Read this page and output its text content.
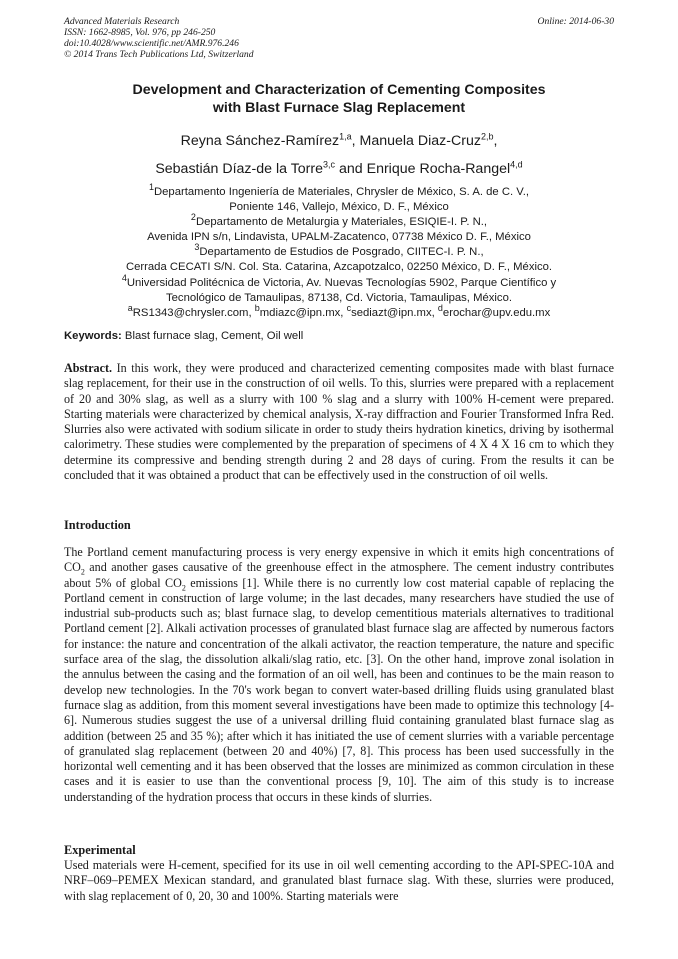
Advanced Materials Research
ISSN: 1662-8985, Vol. 976, pp 246-250
doi:10.4028/www.scientific.net/AMR.976.246
© 2014 Trans Tech Publications Ltd, Switzerland
Online: 2014-06-30
Development and Characterization of Cementing Composites
with Blast Furnace Slag Replacement
Reyna Sánchez-Ramírez$^{1,a}$, Manuela Diaz-Cruz$^{2,b}$,
Sebastián Díaz-de la Torre$^{3,c}$ and Enrique Rocha-Rangel$^{4,d}$
$^1$Departamento Ingeniería de Materiales, Chrysler de México, S. A. de C. V.,
Poniente 146, Vallejo, México, D. F., México
$^2$Departamento de Metalurgia y Materiales, ESIQIE-I. P. N.,
Avenida IPN s/n, Lindavista, UPALM-Zacatenco, 07738 México D. F., México
$^3$Departamento de Estudios de Posgrado, CIITEC-I. P. N.,
Cerrada CECATI S/N. Col. Sta. Catarina, Azcapotzalco, 02250 México, D. F., México.
$^4$Universidad Politécnica de Victoria, Av. Nuevas Tecnologías 5902, Parque Científico y
Tecnológico de Tamaulipas, 87138, Cd. Victoria, Tamaulipas, México.
$^a$RS1343@chrysler.com, $^b$mdiazc@ipn.mx, $^c$sediazt@ipn.mx, $^d$erochar@upv.edu.mx
Keywords: Blast furnace slag, Cement, Oil well
Abstract. In this work, they were produced and characterized cementing composites made with blast furnace slag replacement, for their use in the construction of oil wells. To this, slurries were prepared with a replacement of 20 and 30% slag, as well as a slurry with 100 % slag and a slurry with 100% H-cement were prepared. Starting materials were characterized by chemical analysis, X-ray diffraction and Fourier Transformed Infra Red. Slurries also were activated with sodium silicate in order to study theirs hydration kinetics, driving by isothermal calorimetry. These studies were complemented by the preparation of specimens of 4 X 4 X 16 cm to which they determine its compressive and bending strength during 2 and 28 days of curing. From the results it can be concluded that it was obtained a product that can be effectively used in the construction of oil wells.
Introduction
The Portland cement manufacturing process is very energy expensive in which it emits high concentrations of $CO_2$ and another gases causative of the greenhouse effect in the atmosphere. The cement industry contributes about 5% of global $CO_2$ emissions [1]. While there is no currently low cost material capable of replacing the Portland cement in construction of large volume; in the last decades, many researchers have studied the use of industrial sub-products such as; blast furnace slag, to develop cementitious materials alternatives to traditional Portland cement [2]. Alkali activation processes of granulated blast furnace slag are affected by numerous factors for instance: the nature and concentration of the alkali activator, the reaction temperature, the nature and specific surface area of the slag, the dissolution alkali/slag ratio, etc. [3]. On the other hand, improve zonal isolation in the annulus between the casing and the formation of an oil well, has been and continues to be the main reason to develop new technologies. In the 70's work began to convert water-based drilling fluids using granulated blast furnace slag as addition, from this moment several investigations have been made to optimize this technology [4-6]. Numerous studies suggest the use of a universal drilling fluid containing granulated blast furnace slag as addition (between 25 and 35 %); after which it has initiated the use of cement slurries with a variable percentage of granulated slag replacement (between 20 and 40%) [7, 8]. This process has been used successfully in the horizontal well cementing and it has been observed that the losses are minimized as common circulation in these cases and it is easier to use than the conventional process [9, 10]. The aim of this study is to increase understanding of the hydration process that occurs in these kinds of slurries.
Experimental
Used materials were H-cement, specified for its use in oil well cementing according to the API-SPEC-10A and NRF–069–PEMEX Mexican standard, and granulated blast furnace slag. With these, slurries were produced, with slag replacement of 0, 20, 30 and 100%. Starting materials were
